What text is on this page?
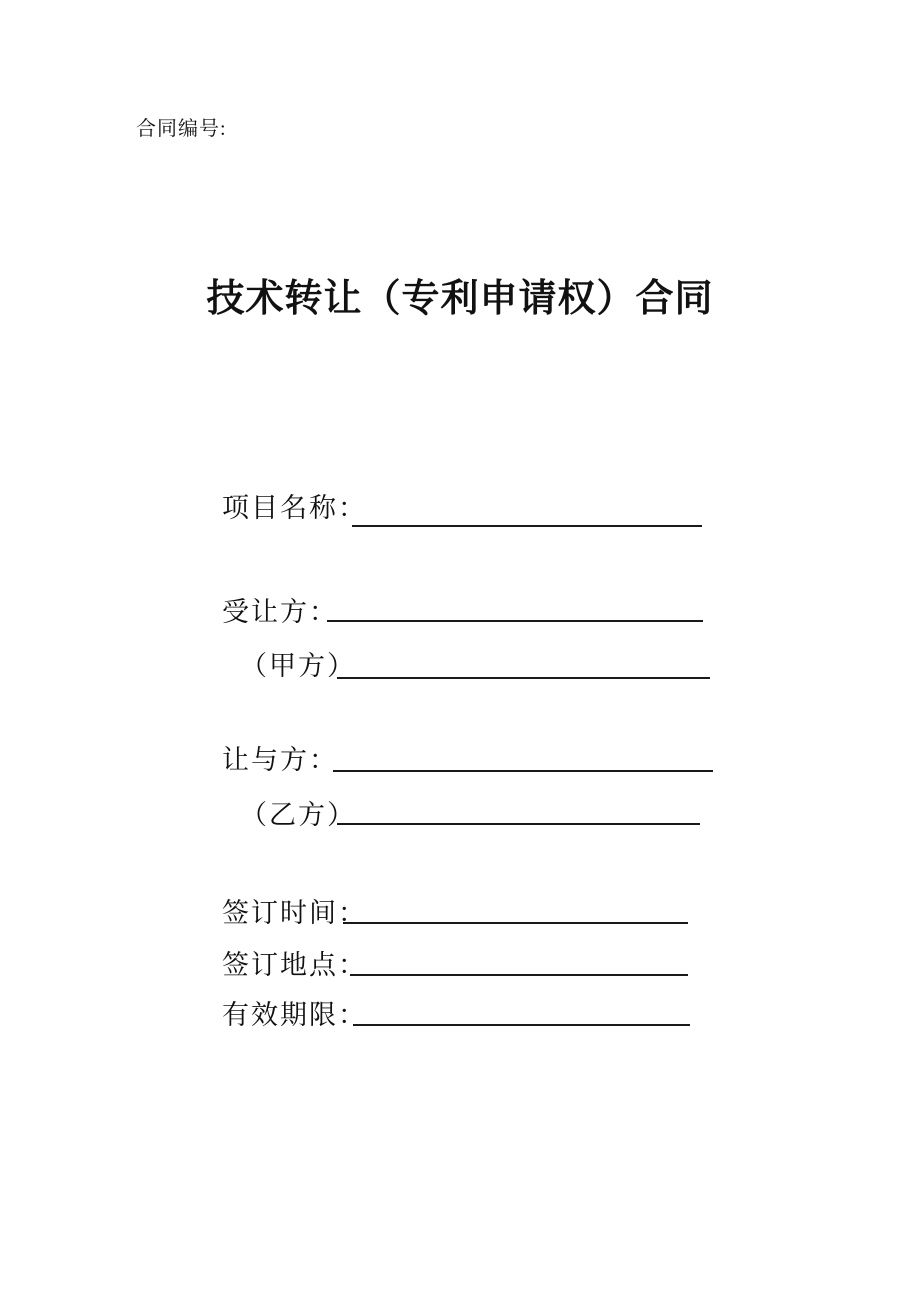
合同编号:
技术转让（专利申请权）合同
项目名称：
受让方：
（甲方）
让与方：
（乙方）
签订时间：
签订地点：
有效期限：
